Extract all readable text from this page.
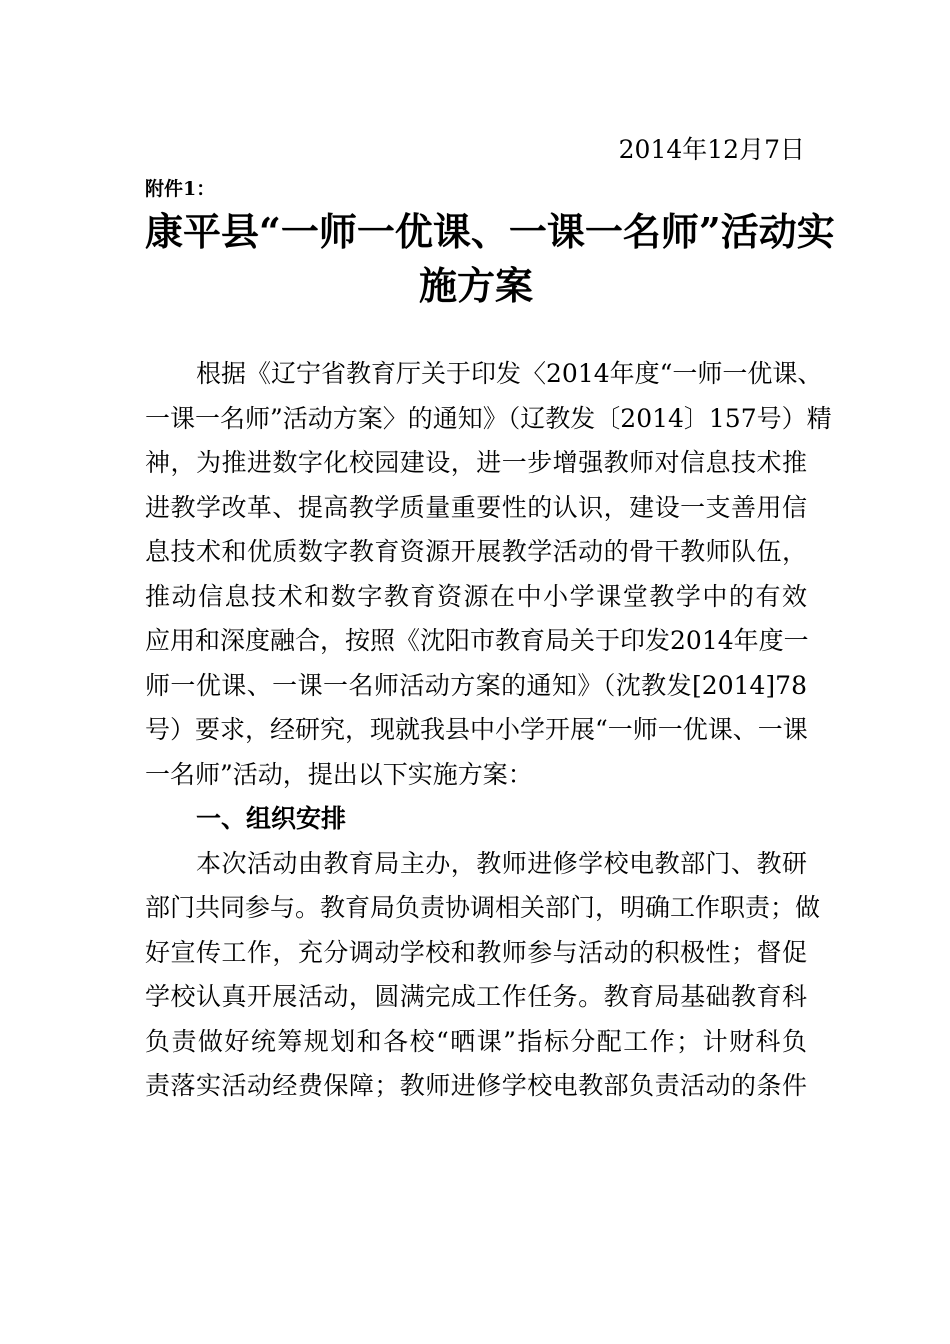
2014年12月7日
附件1：
康平县“一师一优课、一课一名师”活动实
施方案

根据《辽宁省教育厅关于印发〈2014年度“一师一优课、
一课一名师”活动方案〉的通知》（辽教发〔2014〕157号）精
神，为推进数字化校园建设，进一步增强教师对信息技术推
进教学改革、提高教学质量重要性的认识，建设一支善用信
息技术和优质数字教育资源开展教学活动的骨干教师队伍，
推动信息技术和数字教育资源在中小学课堂教学中的有效
应用和深度融合，按照《沈阳市教育局关于印发2014年度一
师一优课、一课一名师活动方案的通知》（沈教发[2014]78
号）要求，经研究，现就我县中小学开展“一师一优课、一课
一名师”活动，提出以下实施方案：

一、组织安排

本次活动由教育局主办，教师进修学校电教部门、教研
部门共同参与。教育局负责协调相关部门，明确工作职责；做
好宣传工作，充分调动学校和教师参与活动的积极性；督促
学校认真开展活动，圆满完成工作任务。教育局基础教育科
负责做好统筹规划和各校“晒课”指标分配工作；计财科负
责落实活动经费保障；教师进修学校电教部负责活动的条件
